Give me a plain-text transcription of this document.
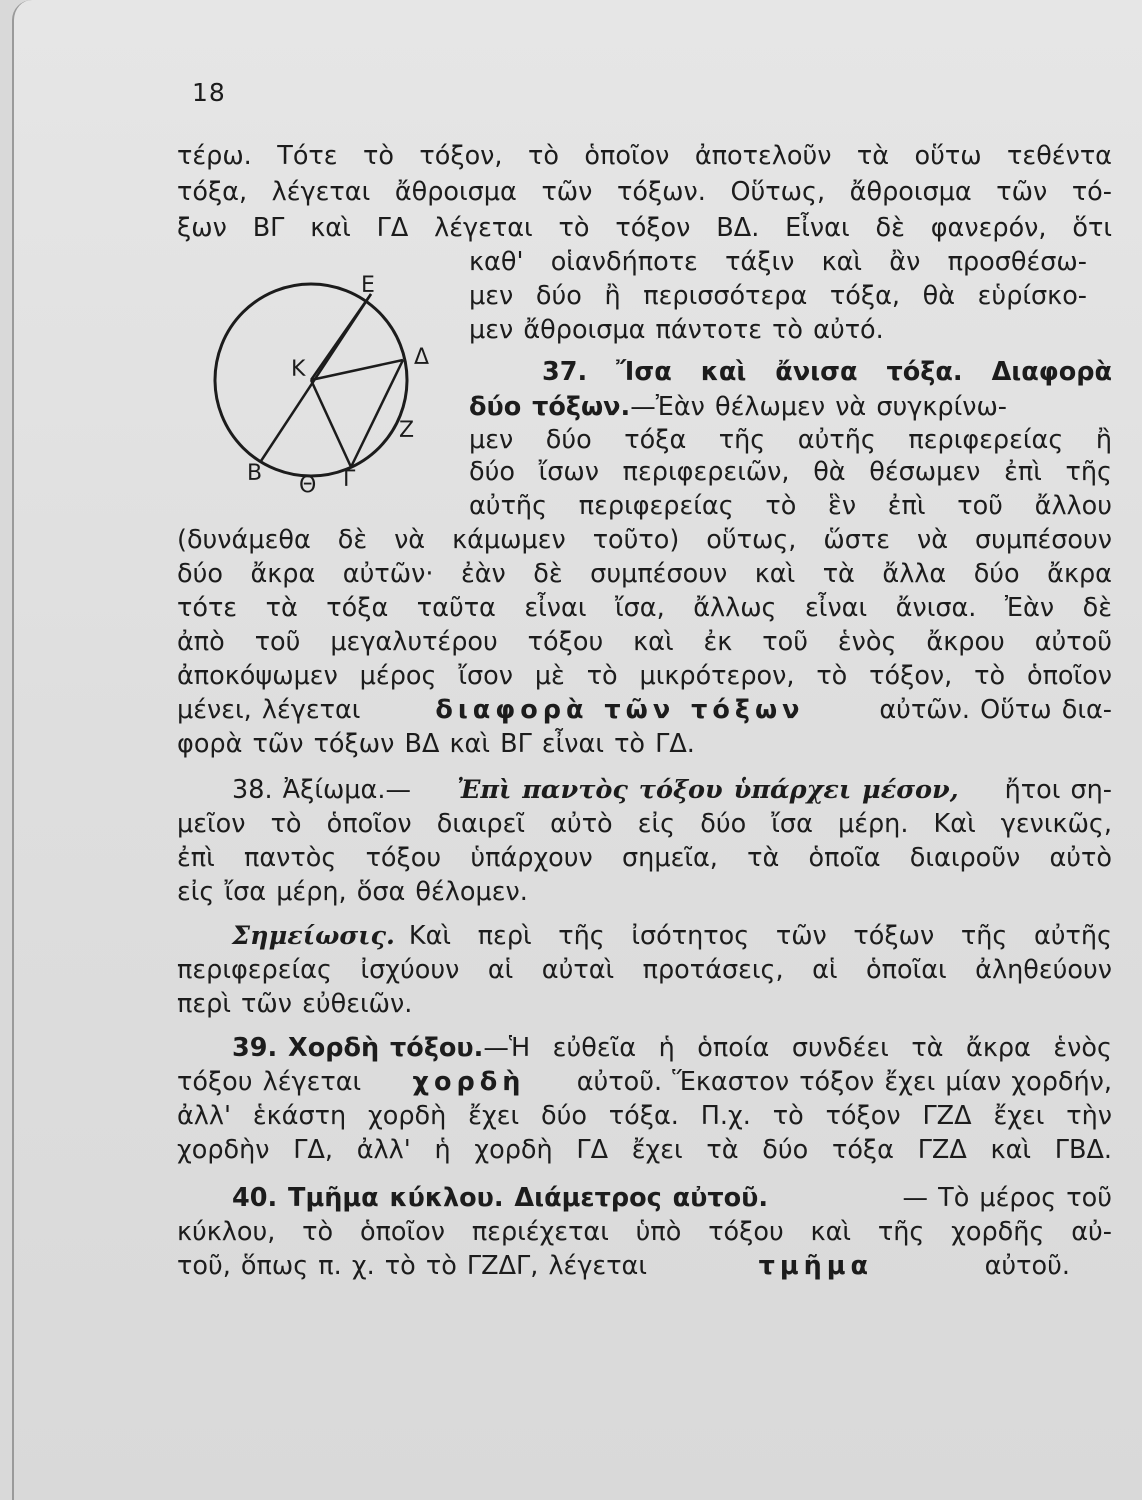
18
Ε
Κ	Δ
Ζ
Β Θ Γ
τέρω. Τότε τὸ τόξον, τὸ ὁποῖον ἀποτελοῦν τὰ οὕτω τεθέντα
τόξα, λέγεται ἄθροισμα τῶν τόξων. Οὕτως, ἄθροισμα τῶν τό-
ξων ΒΓ καὶ ΓΔ λέγεται τὸ τόξον ΒΔ. Εἶναι δὲ φανερόν, ὅτι
καθ' οἱανδήποτε τάξιν καὶ ἂν προσθέσω-
μεν δύο ἢ περισσότερα τόξα, θὰ εὑρίσκο-
μεν ἄθροισμα πάντοτε τὸ αὐτό.
37. Ἴσα καὶ ἄνισα τόξα. Διαφορὰ
δύο τόξων.—Ἐὰν θέλωμεν νὰ συγκρίνω-
μεν δύο τόξα τῆς αὐτῆς περιφερείας ἢ
δύο ἴσων περιφερειῶν, θὰ θέσωμεν ἐπὶ τῆς
αὐτῆς περιφερείας τὸ ἓν ἐπὶ τοῦ ἄλλου
(δυνάμεθα δὲ νὰ κάμωμεν τοῦτο) οὕτως, ὥστε νὰ συμπέσουν
δύο ἄκρα αὐτῶν· ἐὰν δὲ συμπέσουν καὶ τὰ ἄλλα δύο ἄκρα
τότε τὰ τόξα ταῦτα εἶναι ἴσα, ἄλλως εἶναι ἄνισα. Ἐὰν δὲ
ἀπὸ τοῦ μεγαλυτέρου τόξου καὶ ἐκ τοῦ ἑνὸς ἄκρου αὐτοῦ
ἀποκόψωμεν μέρος ἴσον μὲ τὸ μικρότερον, τὸ τόξον, τὸ ὁποῖον
μένει, λέγεται	διαφορὰ τῶν τόξων	αὐτῶν. Οὕτω δια-
φορὰ τῶν τόξων ΒΔ καὶ ΒΓ εἶναι τὸ ΓΔ.
38. Ἀξίωμα.— Ἐπὶ παντὸς τόξου ὑπάρχει μέσον, ἤτοι ση-
μεῖον τὸ ὁποῖον διαιρεῖ αὐτὸ εἰς δύο ἴσα μέρη. Καὶ γενικῶς,
ἐπὶ παντὸς τόξου ὑπάρχουν σημεῖα, τὰ ὁποῖα διαιροῦν αὐτὸ
εἰς ἴσα μέρη, ὅσα θέλομεν.
Σημείωσις. Καὶ περὶ τῆς ἰσότητος τῶν τόξων τῆς αὐτῆς
περιφερείας ἰσχύουν αἱ αὐταὶ προτάσεις, αἱ ὁποῖαι ἀληθεύουν
περὶ τῶν εὐθειῶν.
39. Χορδὴ τόξου. —Ἡ εὐθεῖα ἡ ὁποία συνδέει τὰ ἄκρα ἑνὸς
τόξου λέγεται χορδὴ αὐτοῦ. Ἕκαστον τόξον ἔχει μίαν χορδήν,
ἀλλ' ἑκάστη χορδὴ ἔχει δύο τόξα. Π.χ. τὸ τόξον ΓΖΔ ἔχει τὴν
χορδὴν ΓΔ, ἀλλ' ἡ χορδὴ ΓΔ ἔχει τὰ δύο τόξα ΓΖΔ καὶ ΓΒΔ.
40. Τμῆμα κύκλου. Διάμετρος αὐτοῦ.	— Τὸ μέρος τοῦ
κύκλου, τὸ ὁποῖον περιέχεται ὑπὸ τόξου καὶ τῆς χορδῆς αὐ-
τοῦ, ὅπως π. χ. τὸ τὸ ΓΖΔΓ, λέγεται	τμῆμα	αὐτοῦ.
